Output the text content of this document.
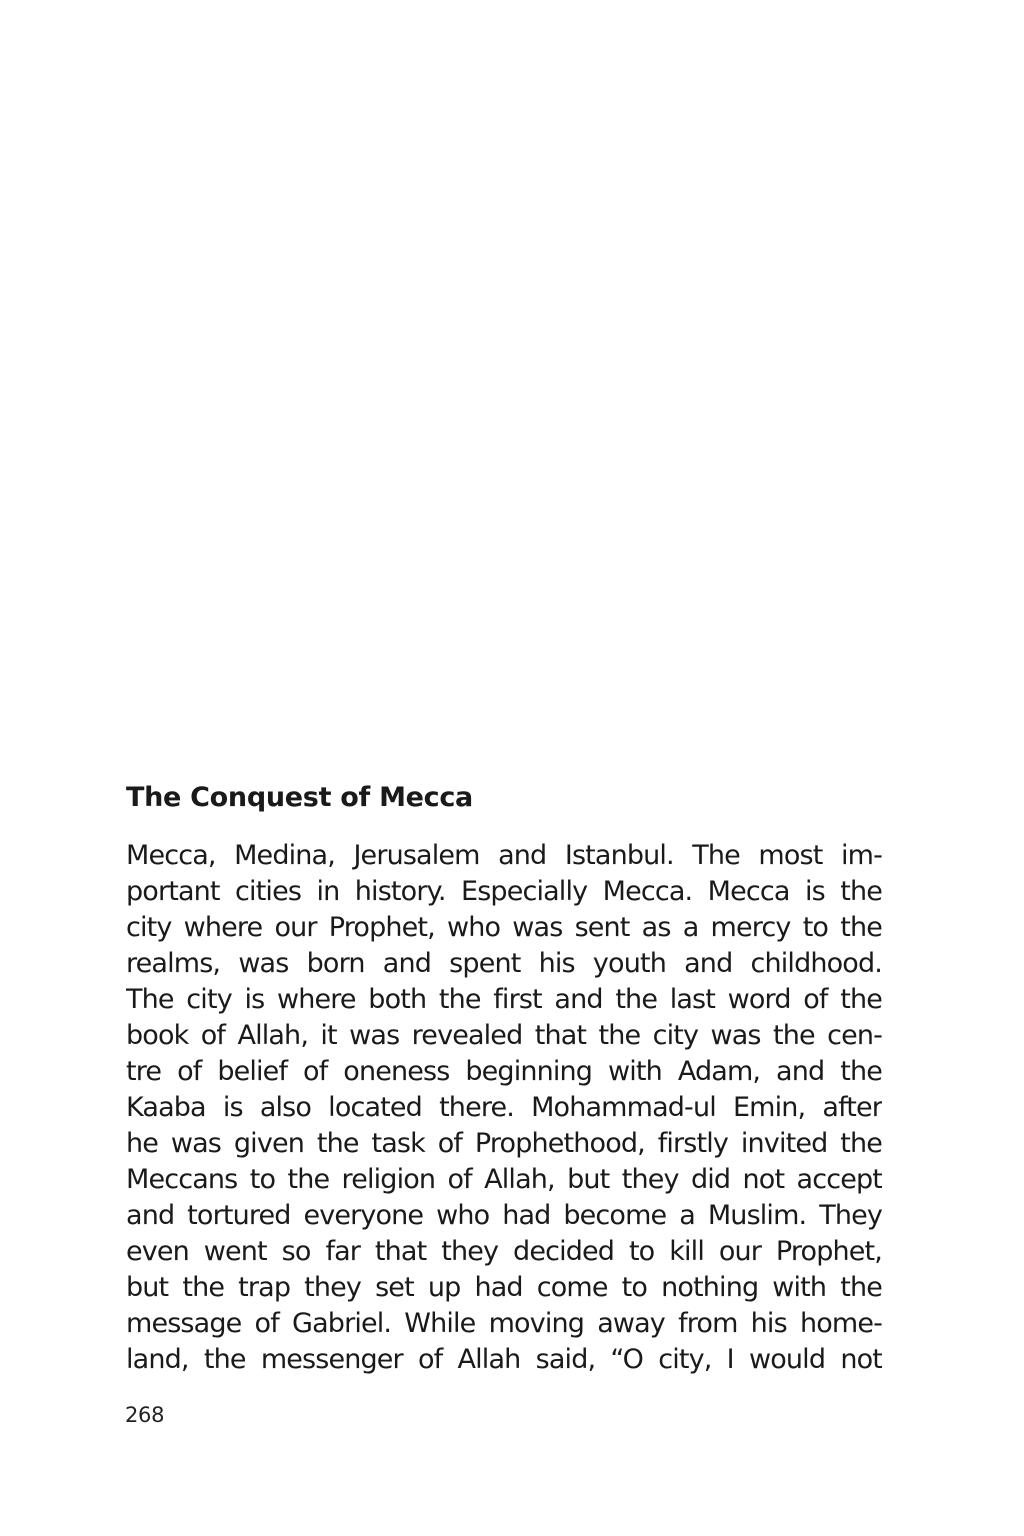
The Conquest of Mecca
Mecca, Medina, Jerusalem and Istanbul. The most im-
portant cities in history. Especially Mecca. Mecca is the
city where our Prophet, who was sent as a mercy to the
realms, was born and spent his youth and childhood.
The city is where both the first and the last word of the
book of Allah, it was revealed that the city was the cen-
tre of belief of oneness beginning with Adam, and the
Kaaba is also located there. Mohammad-ul Emin, after
he was given the task of Prophethood, firstly invited the
Meccans to the religion of Allah, but they did not accept
and tortured everyone who had become a Muslim. They
even went so far that they decided to kill our Prophet,
but the trap they set up had come to nothing with the
message of Gabriel. While moving away from his home-
land, the messenger of Allah said, “O city, I would not

268
